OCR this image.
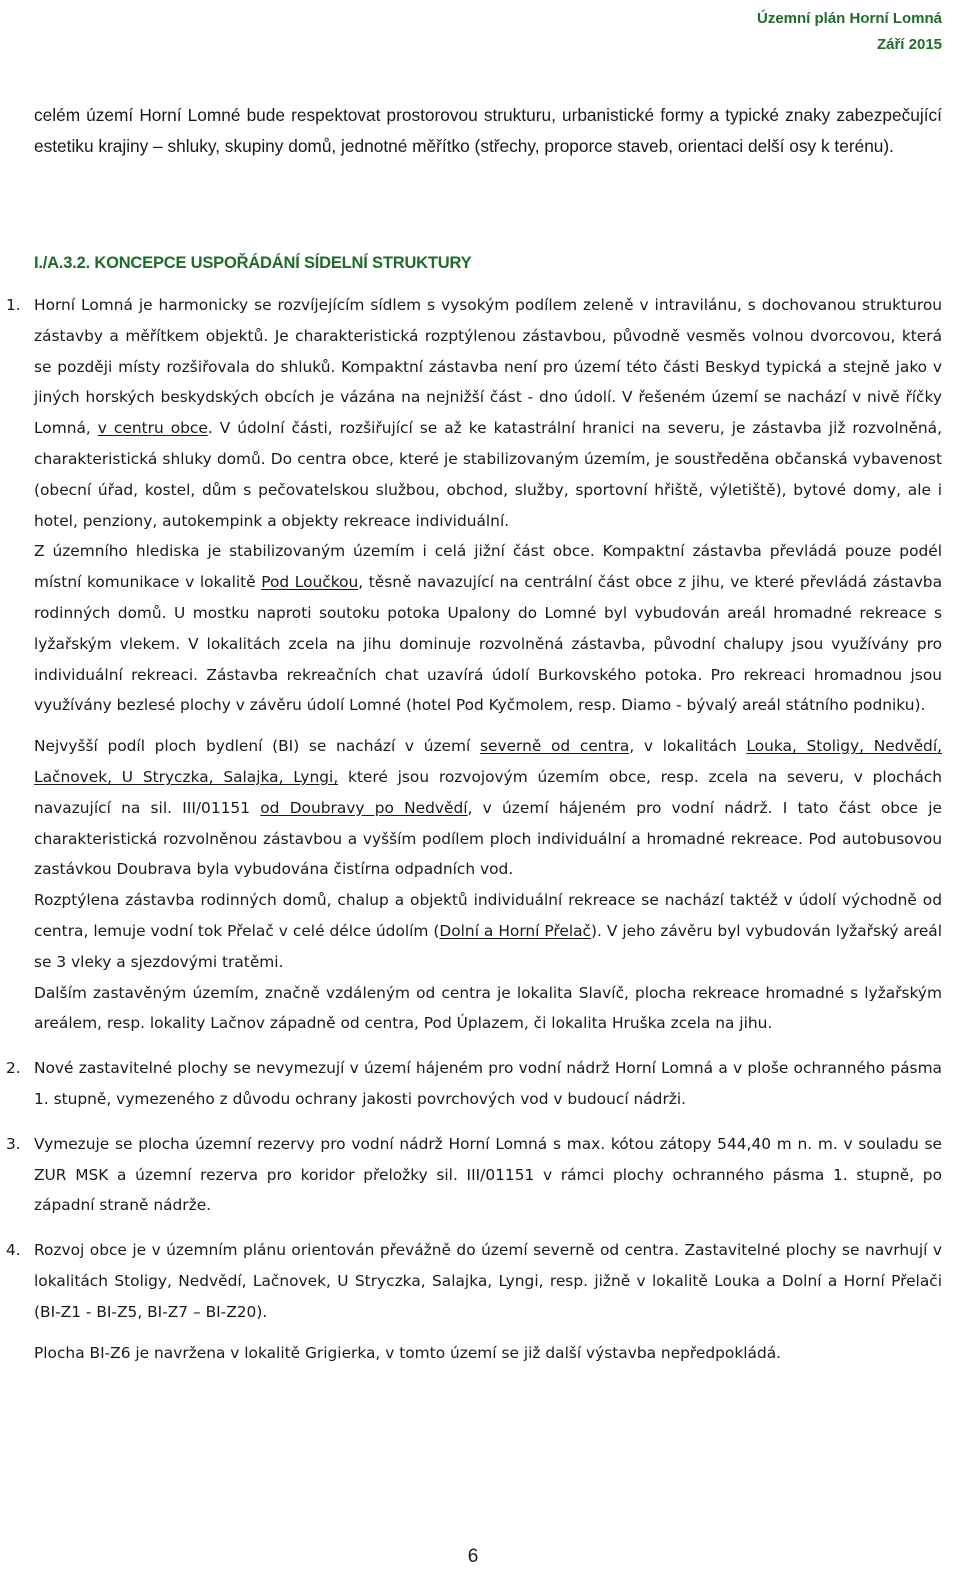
Územní plán Horní Lomná
Září 2015
celém území Horní Lomné bude respektovat prostorovou strukturu, urbanistické formy a typické znaky zabezpečující estetiku krajiny – shluky, skupiny domů, jednotné měřítko (střechy, proporce staveb, orientaci delší osy k terénu).
I./A.3.2. KONCEPCE USPOŘÁDÁNÍ SÍDELNÍ STRUKTURY
1. Horní Lomná je harmonicky se rozvíjejícím sídlem s vysokým podílem zeleně v intravilánu, s dochovanou strukturou zástavby a měřítkem objektů. Je charakteristická rozptýlenou zástavbou, původně vesměs volnou dvorcovou, která se později místy rozšiřovala do shluků. Kompaktní zástavba není pro území této části Beskyd typická a stejně jako v jiných horských beskydských obcích je vázána na nejnižší část - dno údolí. V řešeném území se nachází v nivě říčky Lomná, v centru obce. V údolní části, rozšiřující se až ke katastrální hranici na severu, je zástavba již rozvolněná, charakteristická shluky domů. Do centra obce, které je stabilizovaným územím, je soustředěna občanská vybavenost (obecní úřad, kostel, dům s pečovatelskou službou, obchod, služby, sportovní hřiště, výletiště), bytové domy, ale i hotel, penziony, autokempink a objekty rekreace individuální.

Z územního hlediska je stabilizovaným územím i celá jižní část obce. Kompaktní zástavba převládá pouze podél místní komunikace v lokalitě Pod Loučkou, těsně navazující na centrální část obce z jihu, ve které převládá zástavba rodinných domů. U mostku naproti soutoku potoka Upalony do Lomné byl vybudován areál hromadné rekreace s lyžařským vlekem. V lokalitách zcela na jihu dominuje rozvolněná zástavba, původní chalupy jsou využívány pro individuální rekreaci. Zástavba rekreačních chat uzavírá údolí Burkovského potoka. Pro rekreaci hromadnou jsou využívány bezlesé plochy v závěru údolí Lomné (hotel Pod Kyčmolem, resp. Diamo - bývalý areál státního podniku).

Nejvyšší podíl ploch bydlení (BI) se nachází v území severně od centra, v lokalitách Louka, Stoligy, Nedvědí, Lačnovek, U Stryczka, Salajka, Lyngi, které jsou rozvojovým územím obce, resp. zcela na severu, v plochách navazující na sil. III/01151 od Doubravy po Nedvědí, v území hájeném pro vodní nádrž. I tato část obce je charakteristická rozvolněnou zástavbou a vyšším podílem ploch individuální a hromadné rekreace. Pod autobusovou zastávkou Doubrava byla vybudována čistírna odpadních vod.

Rozptýlena zástavba rodinných domů, chalup a objektů individuální rekreace se nachází taktéž v údolí východně od centra, lemuje vodní tok Přelač v celé délce údolím (Dolní a Horní Přelač). V jeho závěru byl vybudován lyžařský areál se 3 vleky a sjezdovými tratěmi.

Dalším zastavěným územím, značně vzdáleným od centra je lokalita Slavíč, plocha rekreace hromadné s lyžařským areálem, resp. lokality Lačnov západně od centra, Pod Úplazem, či lokalita Hruška zcela na jihu.

2. Nové zastavitelné plochy se nevymezují v území hájeném pro vodní nádrž Horní Lomná a v ploše ochranného pásma 1. stupně, vymezeného z důvodu ochrany jakosti povrchových vod v budoucí nádrži.

3. Vymezuje se plocha územní rezervy pro vodní nádrž Horní Lomná s max. kótou zátopy 544,40 m n. m. v souladu se ZUR MSK a územní rezerva pro koridor přeložky sil. III/01151 v rámci plochy ochranného pásma 1. stupně, po západní straně nádrže.

4. Rozvoj obce je v územním plánu orientován převážně do území severně od centra. Zastavitelné plochy se navrhují v lokalitách Stoligy, Nedvědí, Lačnovek, U Stryczka, Salajka, Lyngi, resp. jižně v lokalitě Louka a Dolní a Horní Přelači (BI-Z1 - BI-Z5, BI-Z7 – BI-Z20).

Plocha BI-Z6 je navržena v lokalitě Grigierka, v tomto území se již další výstavba nepředpokládá.

6
